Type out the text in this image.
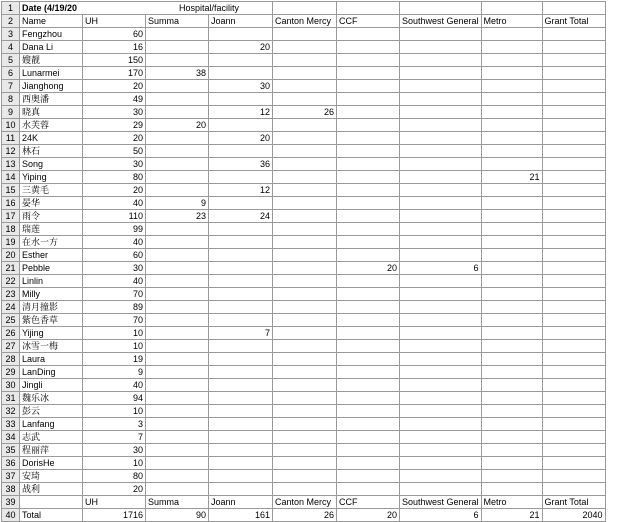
1	Date (4/19/20		Hospital/facility						
2	Name	UH	Summa	Joann	Canton Mercy	CCF	Southwest General	Metro	Grant Total
3	Fengzhou	60							
4	Dana Li	16		20					
5	嫂靓	150							
6	Lunarmei	170	38						
7	Jianghong	20		30					
8	西奥潘	49							
9	晓真	30		12	26				
10	水芙蓉	29	20						
11	24K	20		20					
12	林石	50							
13	Song	30		36					
14	Yiping	80						21	
15	三黄毛	20		12					
16	晏华	40	9						
17	雨令	110	23	24					
18	瑞莲	99							
19	在水一方	40							
20	Esther	60							
21	Pebble	30				20	6		
22	Linlin	40							
23	Milly	70							
24	清月撞影	89							
25	紫色香草	70							
26	Yijing	10		7					
27	冰雪一梅	10							
28	Laura	19							
29	LanDing	9							
30	Jingli	40							
31	魏乐冰	94							
32	彭云	10							
33	Lanfang	3							
34	志武	7							
35	程丽萍	30							
36	DorisHe	10							
37	安琦	80							
38	战利	20							
39		UH	Summa	Joann	Canton Mercy	CCF	Southwest General	Metro	Grant Total
40	Total	1716	90	161	26	20	6	21	2040
